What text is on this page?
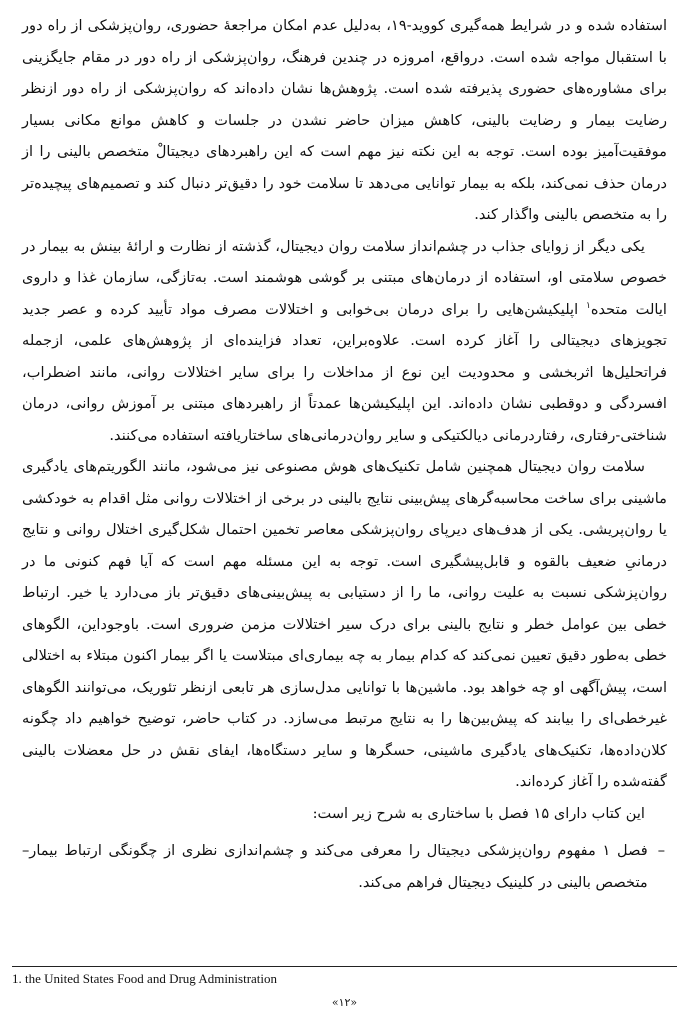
استفاده شده و در شرایط همه‌گیری کووید-۱۹، به‌دلیل عدم امکان مراجعهٔ حضوری، روان‌پزشکی از راه دور با استقبال مواجه شده است. درواقع، امروزه در چندین فرهنگ، روان‌پزشکی از راه دور در مقام جایگزینی برای مشاوره‌های حضوری پذیرفته شده است. پژوهش‌ها نشان داده‌اند که روان‌پزشکی از راه دور ازنظر رضایت بیمار و رضایت بالینی، کاهش میزان حاضر نشدن در جلسات و کاهش موانع مکانی بسیار موفقیت‌آمیز بوده است. توجه به این نکته نیز مهم است که این راهبردهای دیجیتالْ متخصص بالینی را از درمان حذف نمی‌کند، بلکه به بیمار توانایی می‌دهد تا سلامت خود را دقیق‌تر دنبال کند و تصمیم‌های پیچیده‌تر را به متخصص بالینی واگذار کند.

یکی دیگر از زوایای جذاب در چشم‌انداز سلامت روان دیجیتال، گذشته از نظارت و ارائهٔ بینش به بیمار در خصوص سلامتی او، استفاده از درمان‌های مبتنی بر گوشی هوشمند است. به‌تازگی، سازمان غذا و داروی ایالت متحده$^۱$ اپلیکیشن‌هایی را برای درمان بی‌خوابی و اختلالات مصرف مواد تأیید کرده و عصر جدید تجویزهای دیجیتالی را آغاز کرده است. علاوه‌براین، تعداد فزاینده‌ای از پژوهش‌های علمی، ازجمله فراتحلیل‌ها اثربخشی و محدودیت این نوع از مداخلات را برای سایر اختلالات روانی، مانند اضطراب، افسردگی و دوقطبی نشان داده‌اند. این اپلیکیشن‌ها عمدتاً از راهبردهای مبتنی بر آموزش روانی، درمان شناختی-رفتاری، رفتاردرمانی دیالکتیکی و سایر روان‌درمانی‌های ساختاریافته استفاده می‌کنند.

سلامت روان دیجیتال همچنین شامل تکنیک‌های هوش مصنوعی نیز می‌شود، مانند الگوریتم‌های یادگیری ماشینی برای ساخت محاسبه‌گرهای پیش‌بینی نتایج بالینی در برخی از اختلالات روانی مثل اقدام به خودکشی یا روان‌پریشی. یکی از هدف‌های دیرپای روان‌پزشکی معاصر تخمین احتمال شکل‌گیری اختلال روانی و نتایج درمانیِ ضعیف بالقوه و قابل‌پیشگیری است. توجه به این مسئله مهم است که آیا فهم کنونی ما در روان‌پزشکی نسبت به علیت روانی، ما را از دستیابی به پیش‌بینی‌های دقیق‌تر باز می‌دارد یا خیر. ارتباط خطی بین عوامل خطر و نتایج بالینی برای درک سیر اختلالات مزمن ضروری است. باوجوداین، الگوهای خطی به‌طور دقیق تعیین نمی‌کند که کدام بیمار به چه بیماری‌ای مبتلاست یا اگر بیمار اکنون مبتلاء به اختلالی است، پیش‌آگهی او چه خواهد بود. ماشین‌ها با توانایی مدل‌سازی هر تابعی ازنظر تئوریک، می‌توانند الگوهای غیرخطی‌ای را بیابند که پیش‌بین‌ها را به نتایج مرتبط می‌سازد. در کتاب حاضر، توضیح خواهیم داد چگونه کلان‌داده‌ها، تکنیک‌های یادگیری ماشینی، حسگرها و سایر دستگاه‌ها، ایفای نقش در حل معضلات بالینی گفته‌شده را آغاز کرده‌اند.

این کتاب دارای ۱۵ فصل با ساختاری به شرح زیر است:

–
فصل ۱ مفهوم روان‌پزشکی دیجیتال را معرفی می‌کند و چشم‌اندازی نظری از چگونگی ارتباط بیمار– متخصص بالینی در کلینیک دیجیتال فراهم می‌کند.
1. the United States Food and Drug Administration
«۱۲»
